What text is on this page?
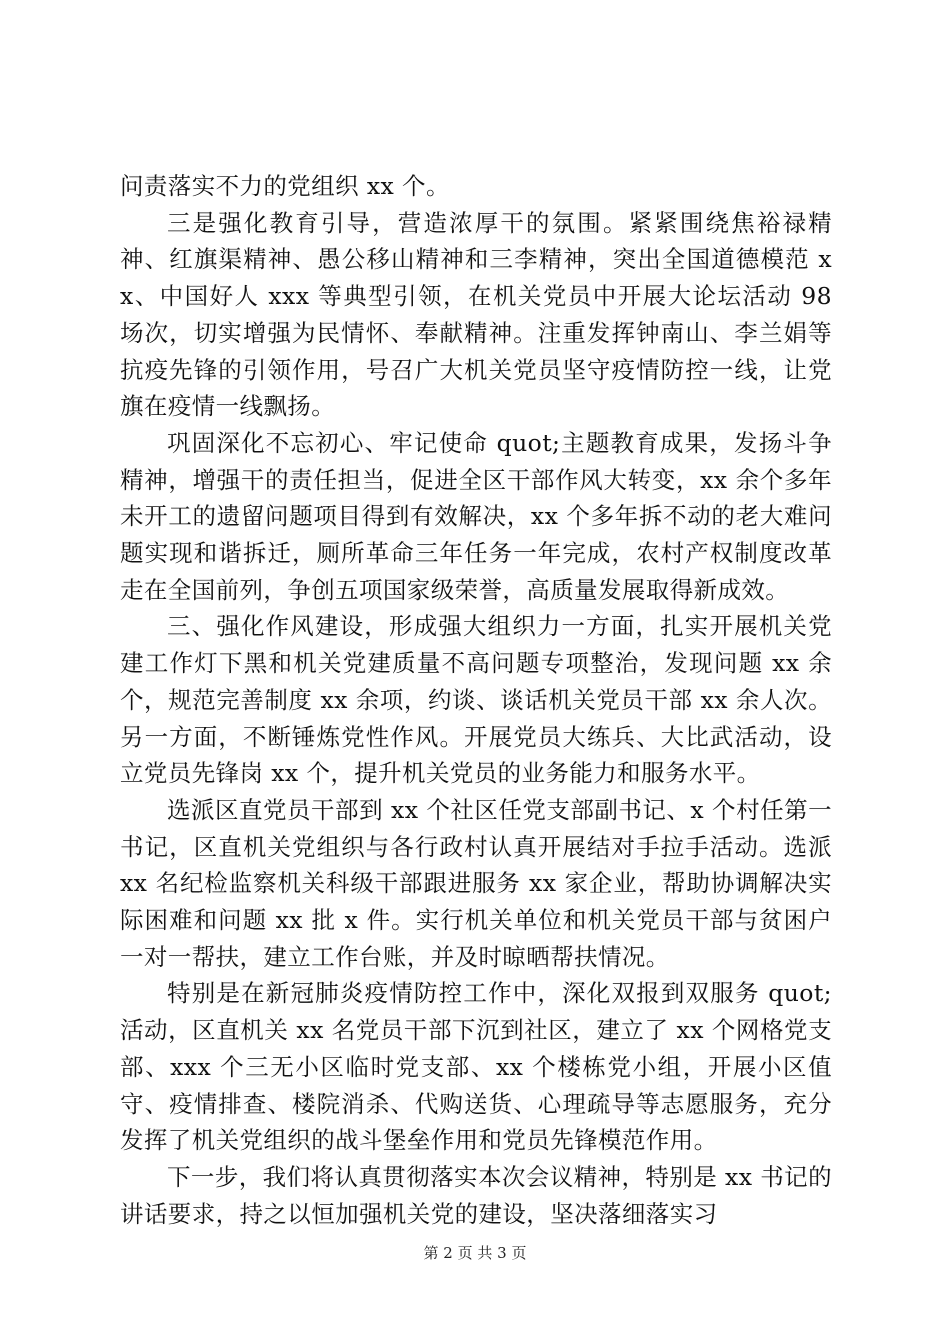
问责落实不力的党组织 xx 个。

三是强化教育引导，营造浓厚干的氛围。紧紧围绕焦裕禄精神、红旗渠精神、愚公移山精神和三李精神，突出全国道德模范 xx、中国好人 xxx 等典型引领，在机关党员中开展大论坛活动 98 场次，切实增强为民情怀、奉献精神。注重发挥钟南山、李兰娟等抗疫先锋的引领作用，号召广大机关党员坚守疫情防控一线，让党旗在疫情一线飘扬。

巩固深化不忘初心、牢记使命 quot;主题教育成果，发扬斗争精神，增强干的责任担当，促进全区干部作风大转变，xx 余个多年未开工的遗留问题项目得到有效解决，xx 个多年拆不动的老大难问题实现和谐拆迁，厕所革命三年任务一年完成，农村产权制度改革走在全国前列，争创五项国家级荣誉，高质量发展取得新成效。

三、强化作风建设，形成强大组织力一方面，扎实开展机关党建工作灯下黑和机关党建质量不高问题专项整治，发现问题 xx 余个，规范完善制度 xx 余项，约谈、谈话机关党员干部 xx 余人次。另一方面，不断锤炼党性作风。开展党员大练兵、大比武活动，设立党员先锋岗 xx 个，提升机关党员的业务能力和服务水平。

选派区直党员干部到 xx 个社区任党支部副书记、x 个村任第一书记，区直机关党组织与各行政村认真开展结对手拉手活动。选派 xx 名纪检监察机关科级干部跟进服务 xx 家企业，帮助协调解决实际困难和问题 xx 批 x 件。实行机关单位和机关党员干部与贫困户一对一帮扶，建立工作台账，并及时晾晒帮扶情况。

特别是在新冠肺炎疫情防控工作中，深化双报到双服务 quot;活动，区直机关 xx 名党员干部下沉到社区，建立了 xx 个网格党支部、xxx 个三无小区临时党支部、xx 个楼栋党小组，开展小区值守、疫情排查、楼院消杀、代购送货、心理疏导等志愿服务，充分发挥了机关党组织的战斗堡垒作用和党员先锋模范作用。

下一步，我们将认真贯彻落实本次会议精神，特别是 xx 书记的讲话要求，持之以恒加强机关党的建设，坚决落细落实习

第 2 页 共 3 页
